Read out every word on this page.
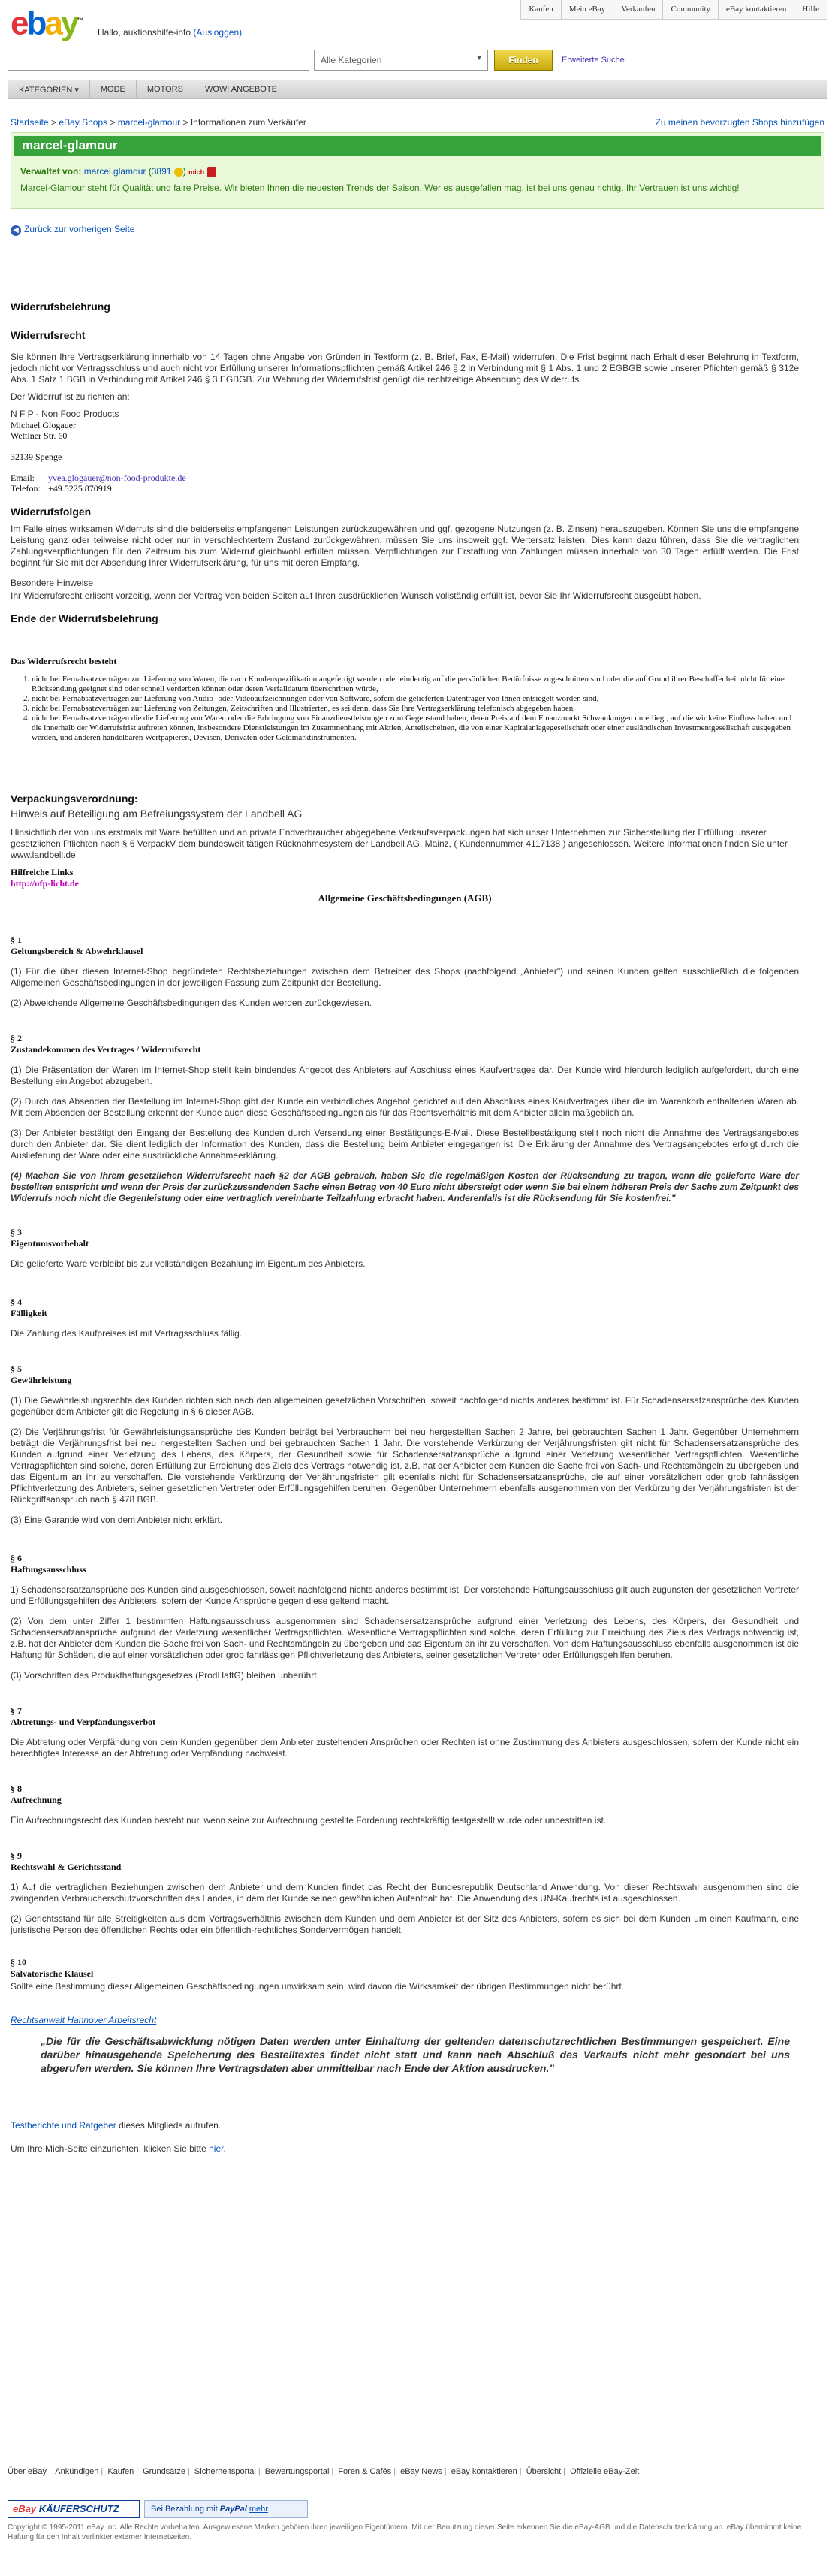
ebay™
Hallo, auktionshilfe-info (Ausloggen)
Kaufen	Mein eBay	Verkaufen	Community	eBay kontaktieren	Hilfe
Alle Kategorien	▼	Finden	Erweiterte Suche
KATEGORIEN ▾	MODE	MOTORS	WOW! ANGEBOTE
Startseite > eBay Shops > marcel-glamour > Informationen zum Verkäufer	Zu meinen bevorzugten Shops hinzufügen
marcel-glamour
Verwaltet von: marcel.glamour (3891 ) mich
Marcel-Glamour steht für Qualität und faire Preise. Wir bieten Ihnen die neuesten Trends der Saison. Wer es ausgefallen mag, ist bei uns genau richtig. Ihr Vertrauen ist uns wichtig!
◀ Zurück zur vorherigen Seite
Widerrufsbelehrung
Widerrufsrecht
Sie können Ihre Vertragserklärung innerhalb von 14 Tagen ohne Angabe von Gründen in Textform (z. B. Brief, Fax, E-Mail) widerrufen. Die Frist beginnt nach Erhalt dieser Belehrung in Textform, jedoch nicht vor Vertragsschluss und auch nicht vor Erfüllung unserer Informationspflichten gemäß Artikel 246 § 2 in Verbindung mit § 1 Abs. 1 und 2 EGBGB sowie unserer Pflichten gemäß § 312e Abs. 1 Satz 1 BGB in Verbindung mit Artikel 246 § 3 EGBGB. Zur Wahrung der Widerrufsfrist genügt die rechtzeitige Absendung des Widerrufs.
Der Widerruf ist zu richten an:
N F P - Non Food Products
Michael Glogauer
Wettiner Str. 60
32139 Spenge
Email: yvea.glogauer@non-food-produkte.de
Telefon: +49 5225 870919
Widerrufsfolgen
Im Falle eines wirksamen Widerrufs sind die beiderseits empfangenen Leistungen zurückzugewähren und ggf. gezogene Nutzungen (z. B. Zinsen) herauszugeben. Können Sie uns die empfangene Leistung ganz oder teilweise nicht oder nur in verschlechtertem Zustand zurückgewähren, müssen Sie uns insoweit ggf. Wertersatz leisten. Dies kann dazu führen, dass Sie die vertraglichen Zahlungsverpflichtungen für den Zeitraum bis zum Widerruf gleichwohl erfüllen müssen. Verpflichtungen zur Erstattung von Zahlungen müssen innerhalb von 30 Tagen erfüllt werden. Die Frist beginnt für Sie mit der Absendung Ihrer Widerrufserklärung, für uns mit deren Empfang.
Besondere Hinweise
Ihr Widerrufsrecht erlischt vorzeitig, wenn der Vertrag von beiden Seiten auf Ihren ausdrücklichen Wunsch vollständig erfüllt ist, bevor Sie Ihr Widerrufsrecht ausgeübt haben.
Ende der Widerrufsbelehrung
Das Widerrufsrecht besteht
1. nicht bei Fernabsatzverträgen zur Lieferung von Waren, die nach Kundenspezifikation angefertigt werden oder eindeutig auf die persönlichen Bedürfnisse zugeschnitten sind oder die auf Grund ihrer Beschaffenheit nicht für eine Rücksendung geeignet sind oder schnell verderben können oder deren Verfalldatum überschritten würde,
2. nicht bei Fernabsatzverträgen zur Lieferung von Audio- oder Videoaufzeichnungen oder von Software, sofern die gelieferten Datenträger von Ihnen entsiegelt worden sind,
3. nicht bei Fernabsatzverträgen zur Lieferung von Zeitungen, Zeitschriften und Illustrierten, es sei denn, dass Sie Ihre Vertragserklärung telefonisch abgegeben haben,
4. nicht bei Fernabsatzverträgen die die Lieferung von Waren oder die Erbringung von Finanzdienstleistungen zum Gegenstand haben, deren Preis auf dem Finanzmarkt Schwankungen unterliegt, auf die wir keine Einfluss haben und die innerhalb der Widerrufsfrist auftreten können, insbesondere Dienstleistungen im Zusammenhang mit Aktien, Anteilscheinen, die von einer Kapitalanlagegesellschaft oder einer ausländischen Investmentgesellschaft ausgegeben werden, und anderen handelbaren Wertpapieren, Devisen, Derivaten oder Geldmarktinstrumenten.
Verpackungsverordnung:
Hinweis auf Beteiligung am Befreiungssystem der Landbell AG
Hinsichtlich der von uns erstmals mit Ware befüllten und an private Endverbraucher abgegebene Verkaufsverpackungen hat sich unser Unternehmen zur Sicherstellung der Erfüllung unserer gesetzlichen Pflichten nach § 6 VerpackV dem bundesweit tätigen Rücknahmesystem der Landbell AG, Mainz, ( Kundennummer 4117138 ) angeschlossen. Weitere Informationen finden Sie unter www.landbell.de
Hilfreiche Links
http://ufp-licht.de
Allgemeine Geschäftsbedingungen (AGB)
§ 1
Geltungsbereich & Abwehrklausel
(1) Für die über diesen Internet-Shop begründeten Rechtsbeziehungen zwischen dem Betreiber des Shops (nachfolgend „Anbieter") und seinen Kunden gelten ausschließlich die folgenden Allgemeinen Geschäftsbedingungen in der jeweiligen Fassung zum Zeitpunkt der Bestellung.
(2) Abweichende Allgemeine Geschäftsbedingungen des Kunden werden zurückgewiesen.
§ 2
Zustandekommen des Vertrages / Widerrufsrecht
(1) Die Präsentation der Waren im Internet-Shop stellt kein bindendes Angebot des Anbieters auf Abschluss eines Kaufvertrages dar. Der Kunde wird hierdurch lediglich aufgefordert, durch eine Bestellung ein Angebot abzugeben.
(2) Durch das Absenden der Bestellung im Internet-Shop gibt der Kunde ein verbindliches Angebot gerichtet auf den Abschluss eines Kaufvertrages über die im Warenkorb enthaltenen Waren ab. Mit dem Absenden der Bestellung erkennt der Kunde auch diese Geschäftsbedingungen als für das Rechtsverhältnis mit dem Anbieter allein maßgeblich an.
(3) Der Anbieter bestätigt den Eingang der Bestellung des Kunden durch Versendung einer Bestätigungs-E-Mail. Diese Bestellbestätigung stellt noch nicht die Annahme des Vertragsangebotes durch den Anbieter dar. Sie dient lediglich der Information des Kunden, dass die Bestellung beim Anbieter eingegangen ist. Die Erklärung der Annahme des Vertragsangebotes erfolgt durch die Auslieferung der Ware oder eine ausdrückliche Annahmeerklärung.
(4) Machen Sie von Ihrem gesetzlichen Widerrufsrecht nach §2 der AGB gebrauch, haben Sie die regelmäßigen Kosten der Rücksendung zu tragen, wenn die gelieferte Ware der bestellten entspricht und wenn der Preis der zurückzusendenden Sache einen Betrag von 40 Euro nicht übersteigt oder wenn Sie bei einem höheren Preis der Sache zum Zeitpunkt des Widerrufs noch nicht die Gegenleistung oder eine vertraglich vereinbarte Teilzahlung erbracht haben. Anderenfalls ist die Rücksendung für Sie kostenfrei."
§ 3
Eigentumsvorbehalt
Die gelieferte Ware verbleibt bis zur vollständigen Bezahlung im Eigentum des Anbieters.
§ 4
Fälligkeit
Die Zahlung des Kaufpreises ist mit Vertragsschluss fällig.
§ 5
Gewährleistung
(1) Die Gewährleistungsrechte des Kunden richten sich nach den allgemeinen gesetzlichen Vorschriften, soweit nachfolgend nichts anderes bestimmt ist. Für Schadensersatzansprüche des Kunden gegenüber dem Anbieter gilt die Regelung in § 6 dieser AGB.
(2) Die Verjährungsfrist für Gewährleistungsansprüche des Kunden beträgt bei Verbrauchern bei neu hergestellten Sachen 2 Jahre, bei gebrauchten Sachen 1 Jahr. Gegenüber Unternehmern beträgt die Verjährungsfrist bei neu hergestellten Sachen und bei gebrauchten Sachen 1 Jahr. Die vorstehende Verkürzung der Verjährungsfristen gilt nicht für Schadensersatzansprüche des Kunden aufgrund einer Verletzung des Lebens, des Körpers, der Gesundheit sowie für Schadensersatzansprüche aufgrund einer Verletzung wesentlicher Vertragspflichten. Wesentliche Vertragspflichten sind solche, deren Erfüllung zur Erreichung des Ziels des Vertrags notwendig ist, z.B. hat der Anbieter dem Kunden die Sache frei von Sach- und Rechtsmängeln zu übergeben und das Eigentum an ihr zu verschaffen. Die vorstehende Verkürzung der Verjährungsfristen gilt ebenfalls nicht für Schadensersatzansprüche, die auf einer vorsätzlichen oder grob fahrlässigen Pflichtverletzung des Anbieters, seiner gesetzlichen Vertreter oder Erfüllungsgehilfen beruhen. Gegenüber Unternehmern ebenfalls ausgenommen von der Verkürzung der Verjährungsfristen ist der Rückgriffsanspruch nach § 478 BGB.
(3) Eine Garantie wird von dem Anbieter nicht erklärt.
§ 6
Haftungsausschluss
1) Schadensersatzansprüche des Kunden sind ausgeschlossen, soweit nachfolgend nichts anderes bestimmt ist. Der vorstehende Haftungsausschluss gilt auch zugunsten der gesetzlichen Vertreter und Erfüllungsgehilfen des Anbieters, sofern der Kunde Ansprüche gegen diese geltend macht.
(2) Von dem unter Ziffer 1 bestimmten Haftungsausschluss ausgenommen sind Schadensersatzansprüche aufgrund einer Verletzung des Lebens, des Körpers, der Gesundheit und Schadensersatzansprüche aufgrund der Verletzung wesentlicher Vertragspflichten. Wesentliche Vertragspflichten sind solche, deren Erfüllung zur Erreichung des Ziels des Vertrags notwendig ist, z.B. hat der Anbieter dem Kunden die Sache frei von Sach- und Rechtsmängeln zu übergeben und das Eigentum an ihr zu verschaffen. Von dem Haftungsausschluss ebenfalls ausgenommen ist die Haftung für Schäden, die auf einer vorsätzlichen oder grob fahrlässigen Pflichtverletzung des Anbieters, seiner gesetzlichen Vertreter oder Erfüllungsgehilfen beruhen.
(3) Vorschriften des Produkthaftungsgesetzes (ProdHaftG) bleiben unberührt.
§ 7
Abtretungs- und Verpfändungsverbot
Die Abtretung oder Verpfändung von dem Kunden gegenüber dem Anbieter zustehenden Ansprüchen oder Rechten ist ohne Zustimmung des Anbieters ausgeschlossen, sofern der Kunde nicht ein berechtigtes Interesse an der Abtretung oder Verpfändung nachweist.
§ 8
Aufrechnung
Ein Aufrechnungsrecht des Kunden besteht nur, wenn seine zur Aufrechnung gestellte Forderung rechtskräftig festgestellt wurde oder unbestritten ist.
§ 9
Rechtswahl & Gerichtsstand
1) Auf die vertraglichen Beziehungen zwischen dem Anbieter und dem Kunden findet das Recht der Bundesrepublik Deutschland Anwendung. Von dieser Rechtswahl ausgenommen sind die zwingenden Verbraucherschutzvorschriften des Landes, in dem der Kunde seinen gewöhnlichen Aufenthalt hat. Die Anwendung des UN-Kaufrechts ist ausgeschlossen.
(2) Gerichtsstand für alle Streitigkeiten aus dem Vertragsverhältnis zwischen dem Kunden und dem Anbieter ist der Sitz des Anbieters, sofern es sich bei dem Kunden um einen Kaufmann, eine juristische Person des öffentlichen Rechts oder ein öffentlich-rechtliches Sondervermögen handelt.
§ 10
Salvatorische Klausel
Sollte eine Bestimmung dieser Allgemeinen Geschäftsbedingungen unwirksam sein, wird davon die Wirksamkeit der übrigen Bestimmungen nicht berührt.
Rechtsanwalt Hannover Arbeitsrecht
„Die für die Geschäftsabwicklung nötigen Daten werden unter Einhaltung der geltenden datenschutzrechtlichen Bestimmungen gespeichert. Eine darüber hinausgehende Speicherung des Bestelltextes findet nicht statt und kann nach Abschluß des Verkaufs nicht mehr gesondert bei uns abgerufen werden. Sie können Ihre Vertragsdaten aber unmittelbar nach Ende der Aktion ausdrucken."
Testberichte und Ratgeber dieses Mitglieds aufrufen.
Um Ihre Mich-Seite einzurichten, klicken Sie bitte hier.
Über eBay | Ankündigen | Kaufen | Grundsätze | Sicherheitsportal | Bewertungsportal | Foren & Cafés | eBay News | eBay kontaktieren | Übersicht | Offizielle eBay-Zeit
eBay KÄUFERSCHUTZ	Bei Bezahlung mit PayPal mehr
Copyright © 1995-2011 eBay Inc. Alle Rechte vorbehalten. Ausgewiesene Marken gehören ihren jeweiligen Eigentümern. Mit der Benutzung dieser Seite erkennen Sie die eBay-AGB und die Datenschutzerklärung an. eBay übernimmt keine Haftung für den Inhalt verlinkter externer Internetseiten.
